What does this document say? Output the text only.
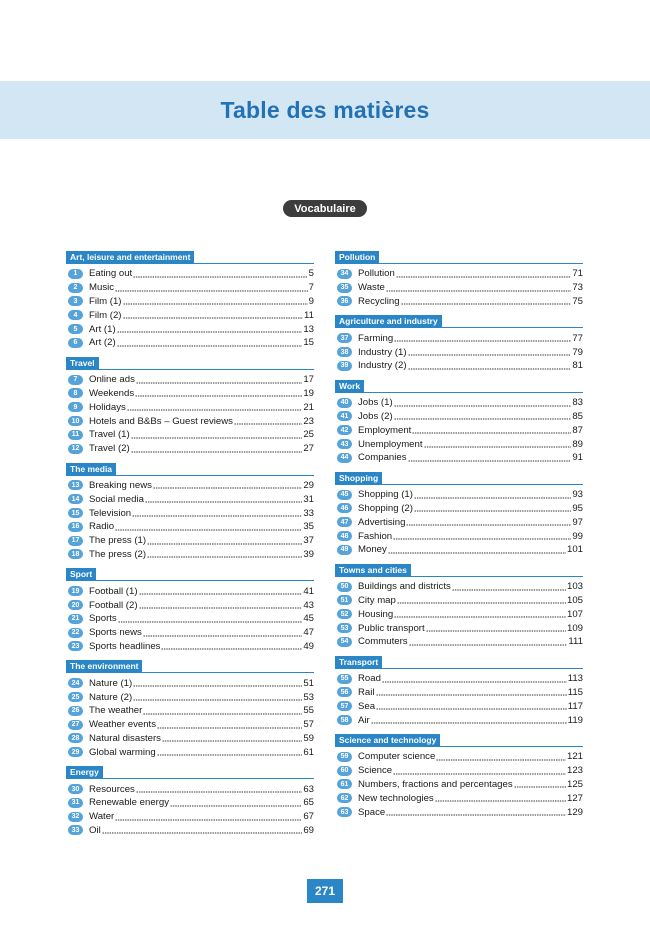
Table des matières
Vocabulaire
Art, leisure and entertainment
1	Eating out	5
2	Music	7
3	Film (1)	9
4	Film (2)	11
5	Art (1)	13
6	Art (2)	15
Travel
7	Online ads	17
8	Weekends	19
9	Holidays	21
10	Hotels and B&Bs – Guest reviews	23
11	Travel (1)	25
12	Travel (2)	27
The media
13	Breaking news	29
14	Social media	31
15	Television	33
16	Radio	35
17	The press (1)	37
18	The press (2)	39
Sport
19	Football (1)	41
20	Football (2)	43
21	Sports	45
22	Sports news	47
23	Sports headlines	49
The environment
24	Nature (1)	51
25	Nature (2)	53
26	The weather	55
27	Weather events	57
28	Natural disasters	59
29	Global warming	61
Energy
30	Resources	63
31	Renewable energy	65
32	Water	67
33	Oil	69
Pollution
34	Pollution	71
35	Waste	73
36	Recycling	75
Agriculture and industry
37	Farming	77
38	Industry (1)	79
39	Industry (2)	81
Work
40	Jobs (1)	83
41	Jobs (2)	85
42	Employment	87
43	Unemployment	89
44	Companies	91
Shopping
45	Shopping (1)	93
46	Shopping (2)	95
47	Advertising	97
48	Fashion	99
49	Money	101
Towns and cities
50	Buildings and districts	103
51	City map	105
52	Housing	107
53	Public transport	109
54	Commuters	111
Transport
55	Road	113
56	Rail	115
57	Sea	117
58	Air	119
Science and technology
59	Computer science	121
60	Science	123
61	Numbers, fractions and percentages	125
62	New technologies	127
63	Space	129
271
